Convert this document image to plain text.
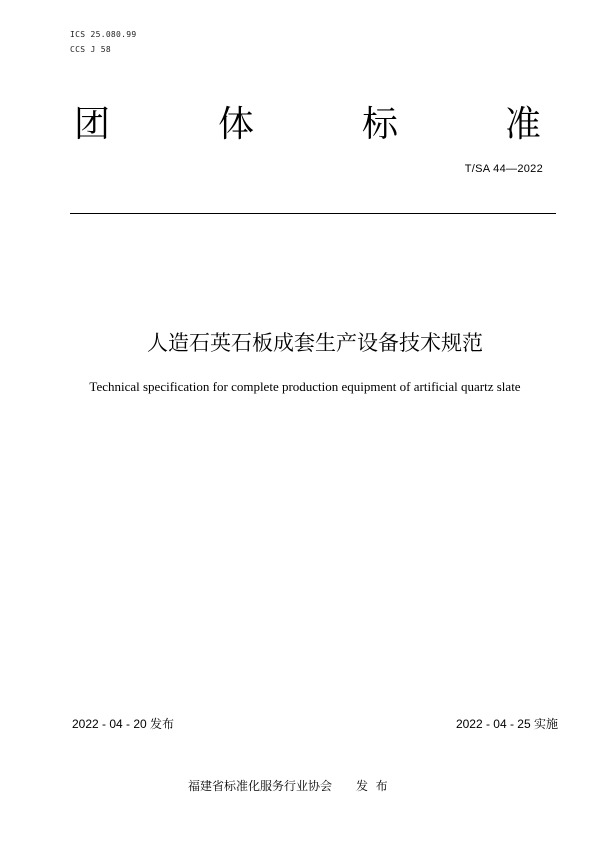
ICS 25.080.99
CCS J 58
团	体	标	准
T/SA 44—2022
人造石英石板成套生产设备技术规范
Technical specification for complete production equipment of artificial quartz slate
2022 - 04 - 20 发布	2022 - 04 - 25 实施
福建省标准化服务行业协会 发  布
